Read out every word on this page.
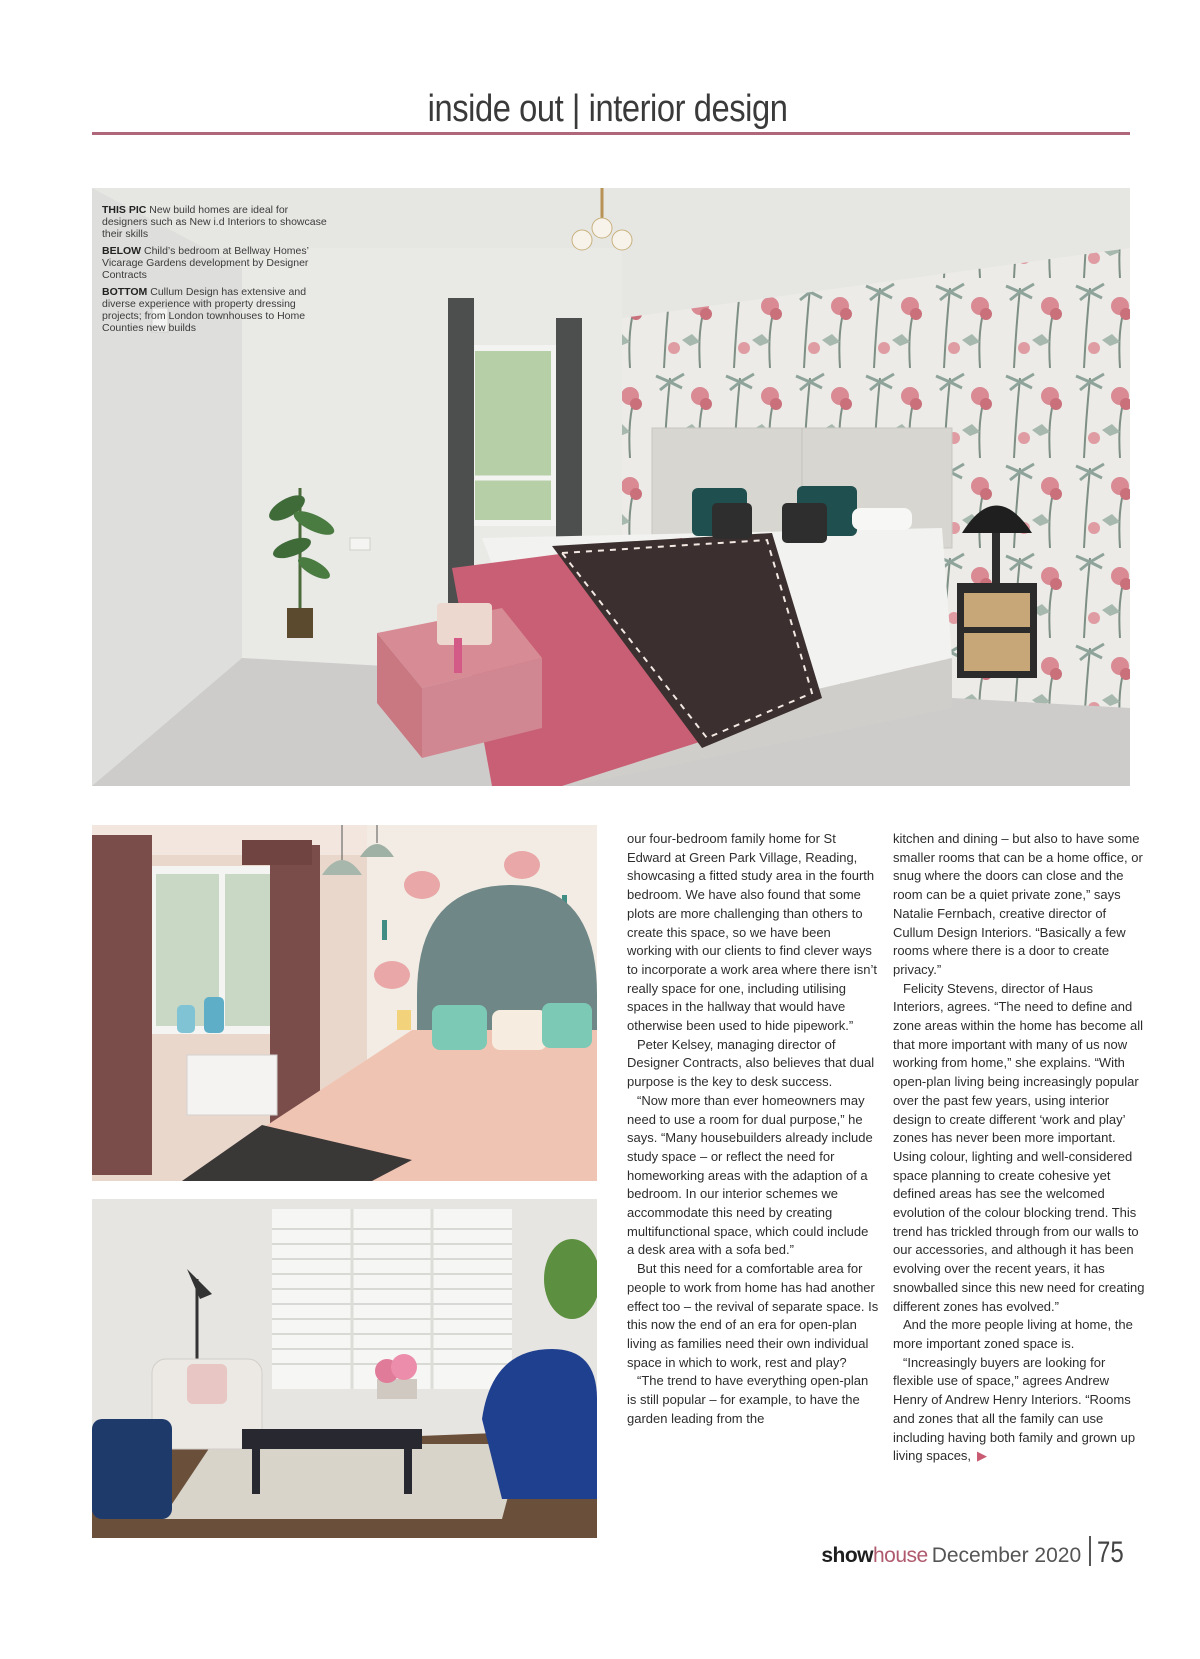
inside out | interior design

THIS PIC New build homes are ideal for designers such as New i.d Interiors to showcase their skills

BELOW Child’s bedroom at Bellway Homes’ Vicarage Gardens development by Designer Contracts

BOTTOM Cullum Design has extensive and diverse experience with property dressing projects; from London townhouses to Home Counties new builds

our four-bedroom family home for St Edward at Green Park Village, Reading, showcasing a fitted study area in the fourth bedroom. We have also found that some plots are more challenging than others to create this space, so we have been working with our clients to find clever ways to incorporate a work area where there isn’t really space for one, including utilising spaces in the hallway that would have otherwise been used to hide pipework.”

Peter Kelsey, managing director of Designer Contracts, also believes that dual purpose is the key to desk success.

“Now more than ever homeowners may need to use a room for dual purpose,” he says. “Many housebuilders already include study space – or reflect the need for homeworking areas with the adaption of a bedroom. In our interior schemes we accommodate this need by creating multifunctional space, which could include a desk area with a sofa bed.”

But this need for a comfortable area for people to work from home has had another effect too – the revival of separate space. Is this now the end of an era for open-plan living as families need their own individual space in which to work, rest and play?

“The trend to have everything open-plan is still popular – for example, to have the garden leading from the

kitchen and dining – but also to have some smaller rooms that can be a home office, or snug where the doors can close and the room can be a quiet private zone,” says Natalie Fernbach, creative director of Cullum Design Interiors. “Basically a few rooms where there is a door to create privacy.”

Felicity Stevens, director of Haus Interiors, agrees. “The need to define and zone areas within the home has become all that more important with many of us now working from home,” she explains. “With open-plan living being increasingly popular over the past few years, using interior design to create different ‘work and play’ zones has never been more important. Using colour, lighting and well-considered space planning to create cohesive yet defined areas has see the welcomed evolution of the colour blocking trend. This trend has trickled through from our walls to our accessories, and although it has been evolving over the recent years, it has snowballed since this new need for creating different zones has evolved.”

And the more people living at home, the more important zoned space is.

“Increasingly buyers are looking for flexible use of space,” agrees Andrew Henry of Andrew Henry Interiors. “Rooms and zones that all the family can use including having both family and grown up living spaces, ▶

show house December 2020 75
